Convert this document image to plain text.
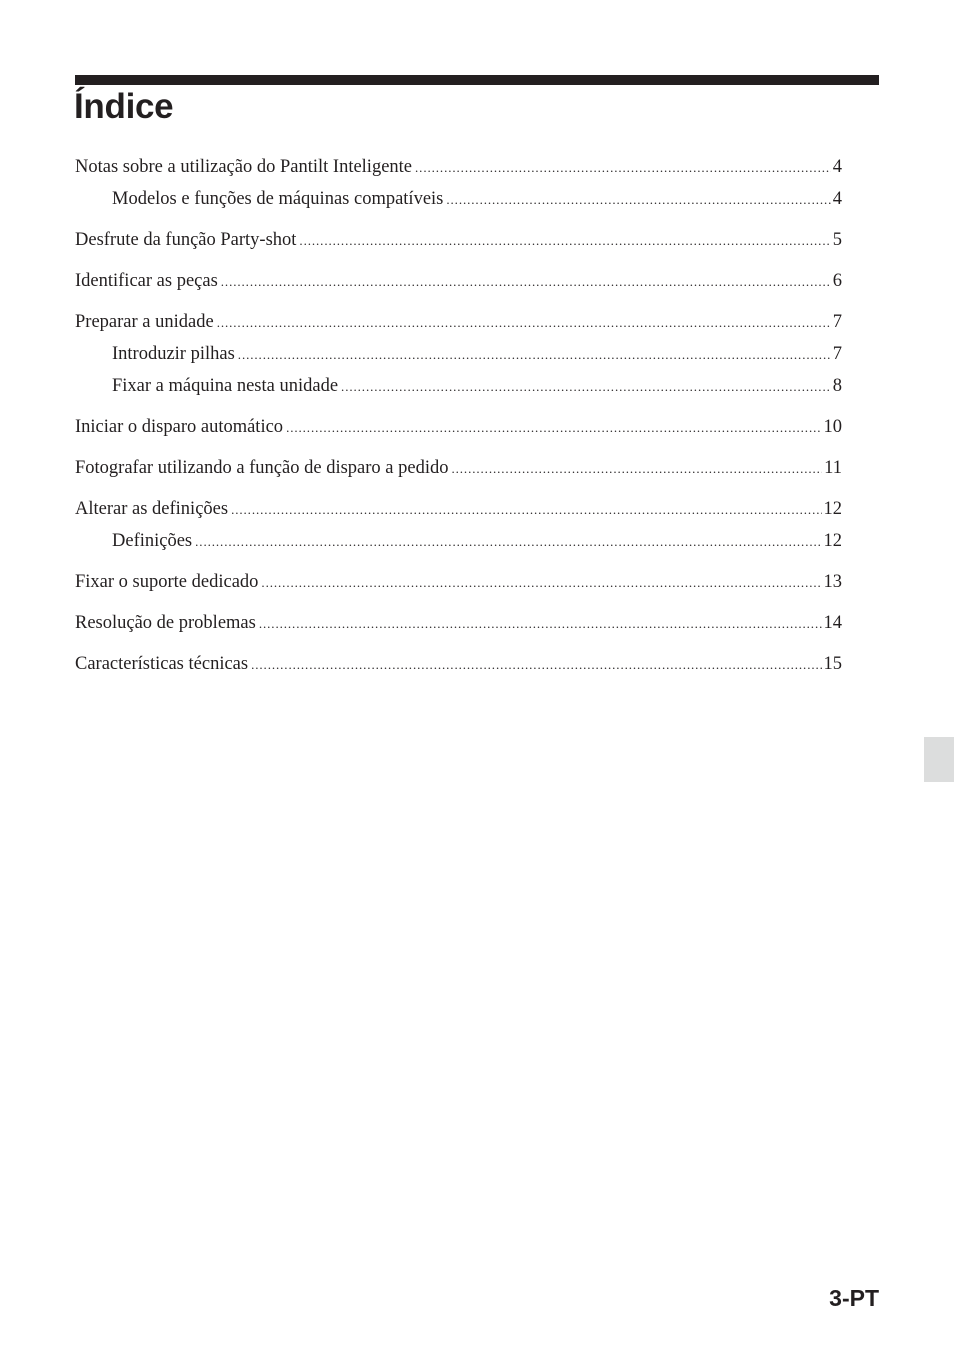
Índice
Notas sobre a utilização do Pantilt Inteligente .....	4
Modelos e funções de máquinas compatíveis .....	4
Desfrute da função Party-shot .....	5
Identificar as peças .....	6
Preparar a unidade .....	7
Introduzir pilhas .....	7
Fixar a máquina nesta unidade .....	8
Iniciar o disparo automático .....	10
Fotografar utilizando a função de disparo a pedido .....	11
Alterar as definições .....	12
Definições .....	12
Fixar o suporte dedicado .....	13
Resolução de problemas .....	14
Características técnicas .....	15
3-PT
